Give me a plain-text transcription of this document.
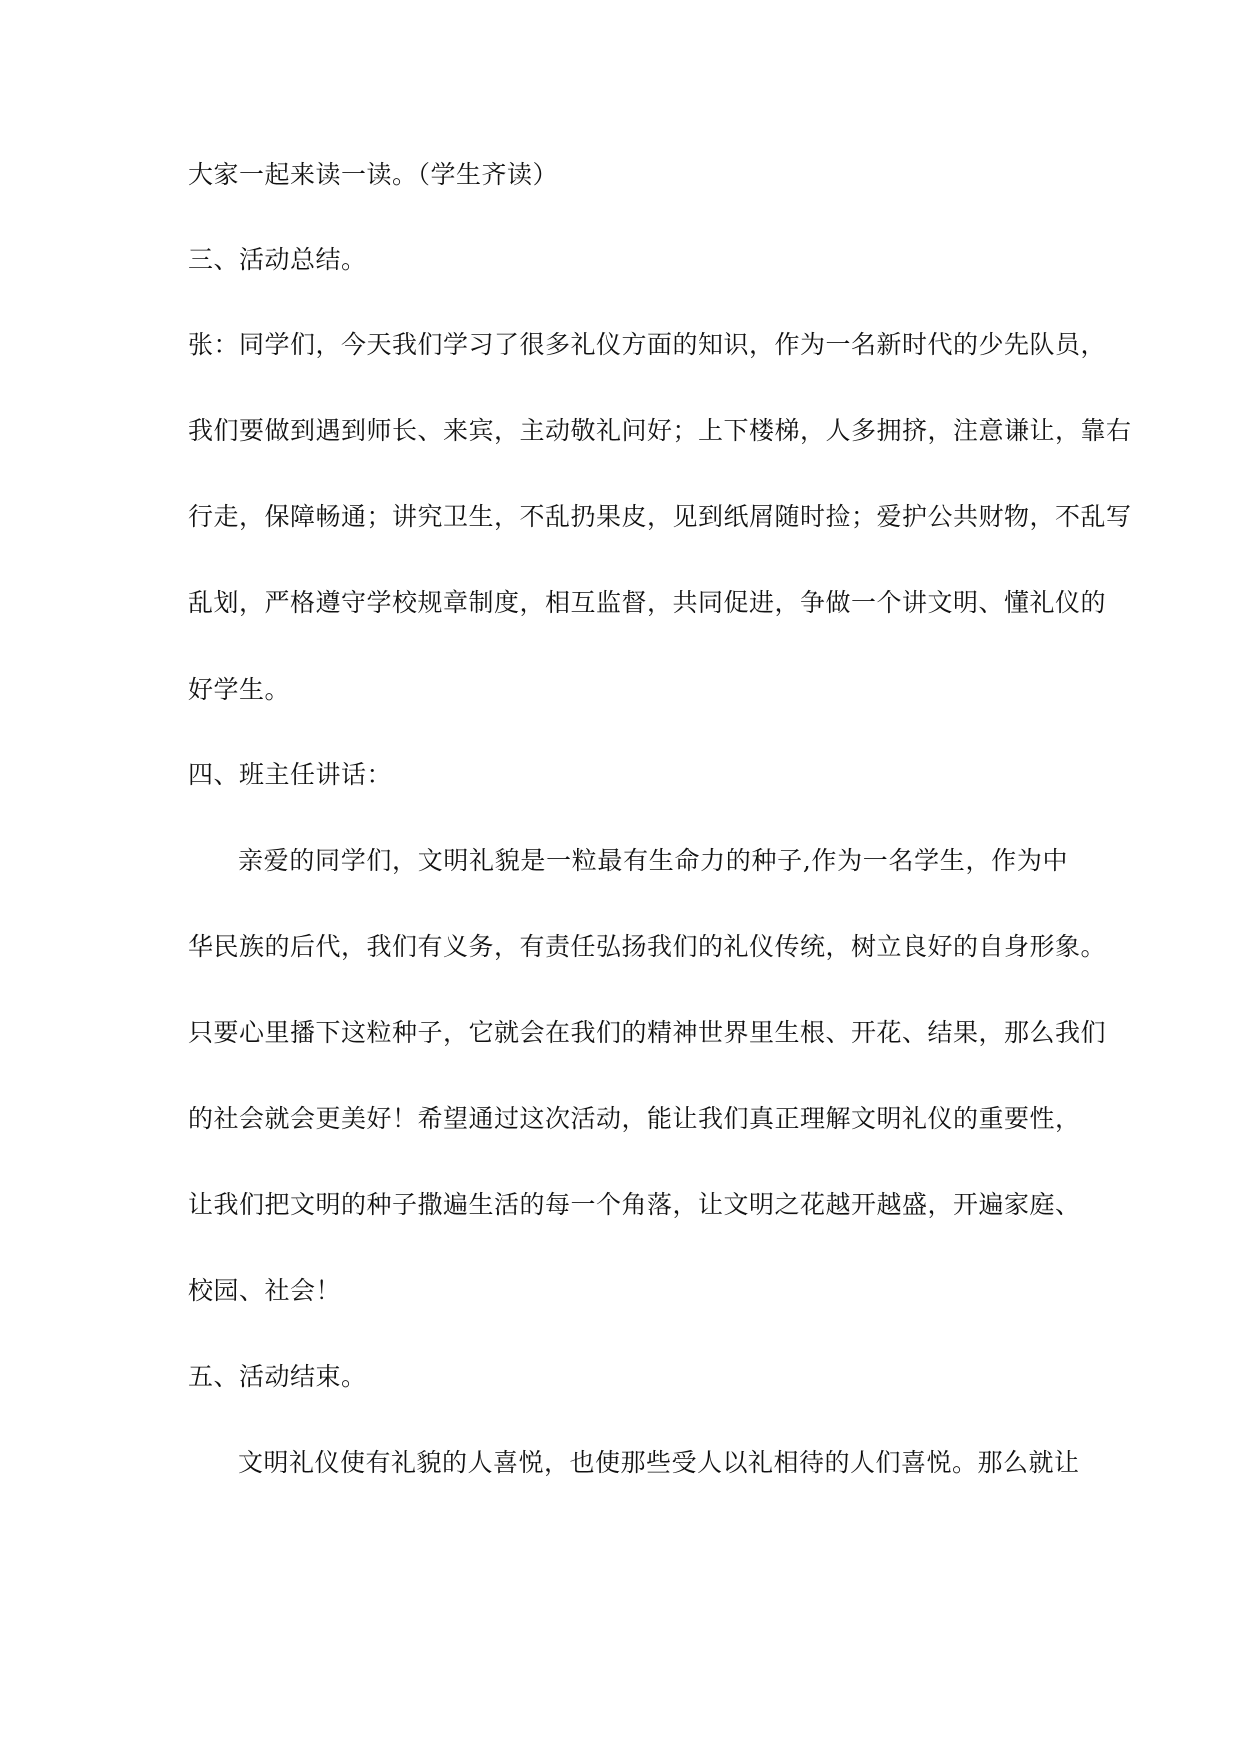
大家一起来读一读。（学生齐读）
三、活动总结。
张：同学们，今天我们学习了很多礼仪方面的知识，作为一名新时代的少先队员，
我们要做到遇到师长、来宾，主动敬礼问好；上下楼梯，人多拥挤，注意谦让，靠右
行走，保障畅通；讲究卫生，不乱扔果皮，见到纸屑随时捡；爱护公共财物，不乱写
乱划，严格遵守学校规章制度，相互监督，共同促进，争做一个讲文明、懂礼仪的
好学生。
四、班主任讲话：
亲爱的同学们，文明礼貌是一粒最有生命力的种子,作为一名学生，作为中
华民族的后代，我们有义务，有责任弘扬我们的礼仪传统，树立良好的自身形象。
只要心里播下这粒种子，它就会在我们的精神世界里生根、开花、结果，那么我们
的社会就会更美好！希望通过这次活动，能让我们真正理解文明礼仪的重要性，
让我们把文明的种子撒遍生活的每一个角落，让文明之花越开越盛，开遍家庭、
校园、社会！
五、活动结束。
文明礼仪使有礼貌的人喜悦，也使那些受人以礼相待的人们喜悦。那么就让
